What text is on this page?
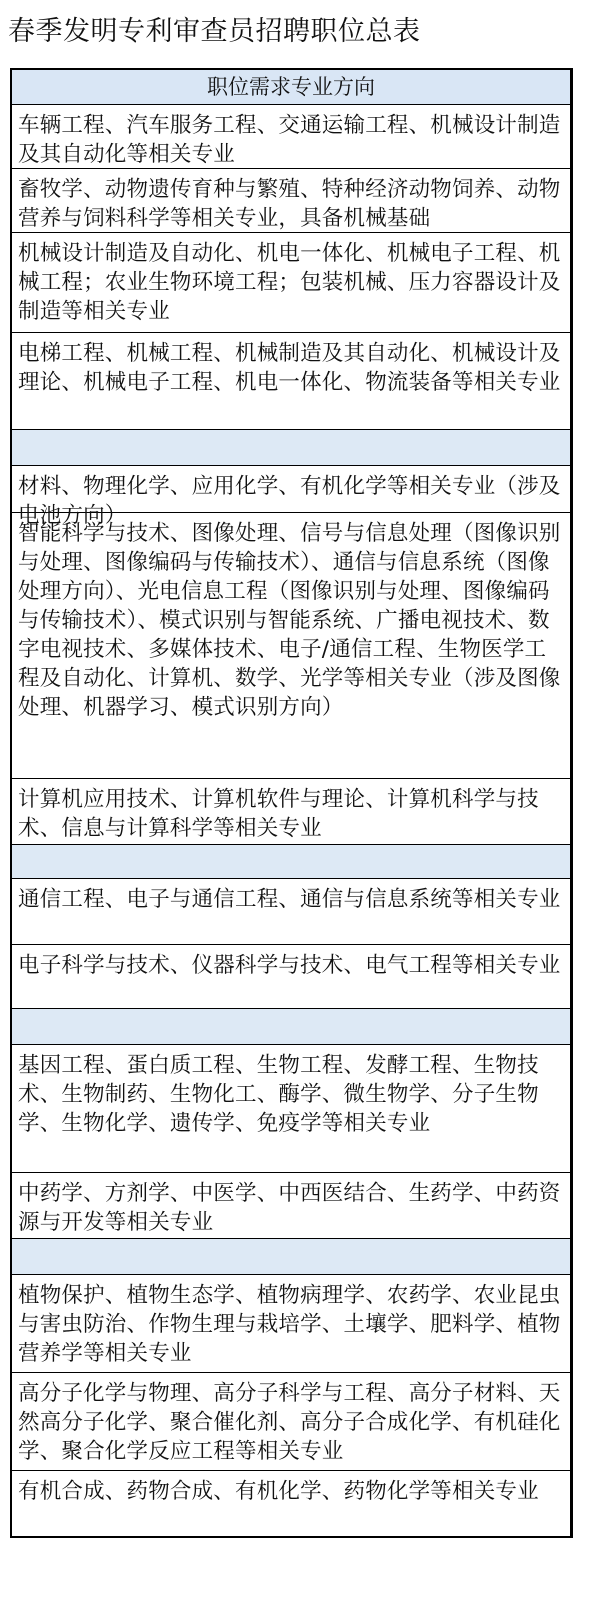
春季发明专利审查员招聘职位总表
职位需求专业方向
车辆工程、汽车服务工程、交通运输工程、机械设计制造及其自动化等相关专业
畜牧学、动物遗传育种与繁殖、特种经济动物饲养、动物营养与饲料科学等相关专业，具备机械基础
机械设计制造及自动化、机电一体化、机械电子工程、机械工程；农业生物环境工程；包装机械、压力容器设计及制造等相关专业
电梯工程、机械工程、机械制造及其自动化、机械设计及理论、机械电子工程、机电一体化、物流装备等相关专业
材料、物理化学、应用化学、有机化学等相关专业（涉及电池方向）
智能科学与技术、图像处理、信号与信息处理（图像识别与处理、图像编码与传输技术）、通信与信息系统（图像处理方向）、光电信息工程（图像识别与处理、图像编码与传输技术）、模式识别与智能系统、广播电视技术、数字电视技术、多媒体技术、电子/通信工程、生物医学工程及自动化、计算机、数学、光学等相关专业（涉及图像处理、机器学习、模式识别方向）
计算机应用技术、计算机软件与理论、计算机科学与技术、信息与计算科学等相关专业
通信工程、电子与通信工程、通信与信息系统等相关专业
电子科学与技术、仪器科学与技术、电气工程等相关专业
基因工程、蛋白质工程、生物工程、发酵工程、生物技术、生物制药、生物化工、酶学、微生物学、分子生物学、生物化学、遗传学、免疫学等相关专业
中药学、方剂学、中医学、中西医结合、生药学、中药资源与开发等相关专业
植物保护、植物生态学、植物病理学、农药学、农业昆虫与害虫防治、作物生理与栽培学、土壤学、肥料学、植物营养学等相关专业
高分子化学与物理、高分子科学与工程、高分子材料、天然高分子化学、聚合催化剂、高分子合成化学、有机硅化学、聚合化学反应工程等相关专业
有机合成、药物合成、有机化学、药物化学等相关专业
